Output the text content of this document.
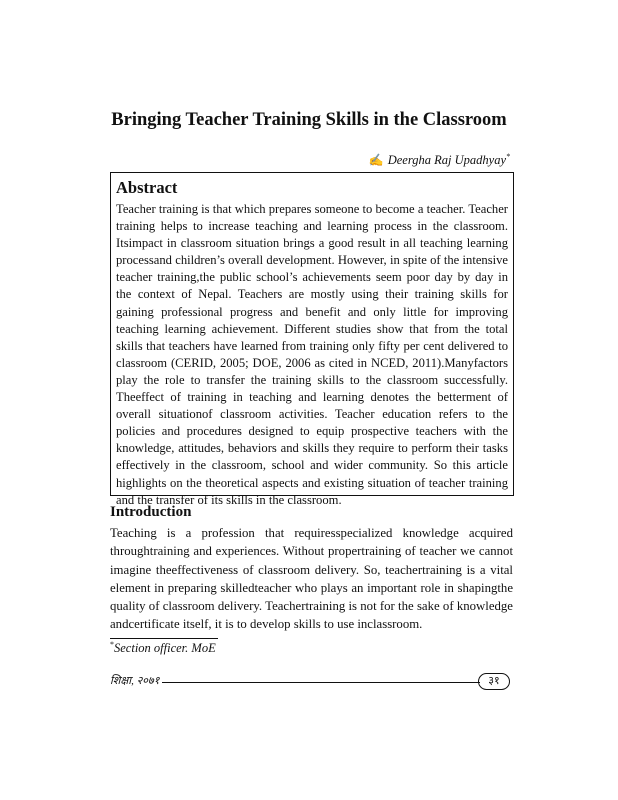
Bringing Teacher Training Skills in the Classroom
✍ Deergha Raj Upadhyay*
Abstract

Teacher training is that which prepares someone to become a teacher. Teacher training helps to increase teaching and learning process in the classroom. Itsimpact in classroom situation brings a good result in all teaching learning processand children’s overall development. However, in spite of the intensive teacher training,the public school’s achievements seem poor day by day in the context of Nepal. Teachers are mostly using their training skills for gaining professional progress and benefit and only little for improving teaching learning achievement. Different studies show that from the total skills that teachers have learned from training only fifty per cent delivered to classroom (CERID, 2005; DOE, 2006 as cited in NCED, 2011).Manyfactors play the role to transfer the training skills to the classroom successfully. Theeffect of training in teaching and learning denotes the betterment of overall situationof classroom activities. Teacher education refers to the policies and procedures designed to equip prospective teachers with the knowledge, attitudes, behaviors and skills they require to perform their tasks effectively in the classroom, school and wider community. So this article highlights on the theoretical aspects and existing situation of teacher training and the transfer of its skills in the classroom.

Introduction

Teaching is a profession that requiresspecialized knowledge acquired throughtraining and experiences. Without propertraining of teacher we cannot imagine theeffectiveness of classroom delivery. So, teachertraining is a vital element in preparing skilledteacher who plays an important role in shapingthe quality of classroom delivery. Teachertraining is not for the sake of knowledge andcertificate itself, it is to develop skills to use inclassroom.

*Section officer. MoE
शिक्षा, २०७१	३१
